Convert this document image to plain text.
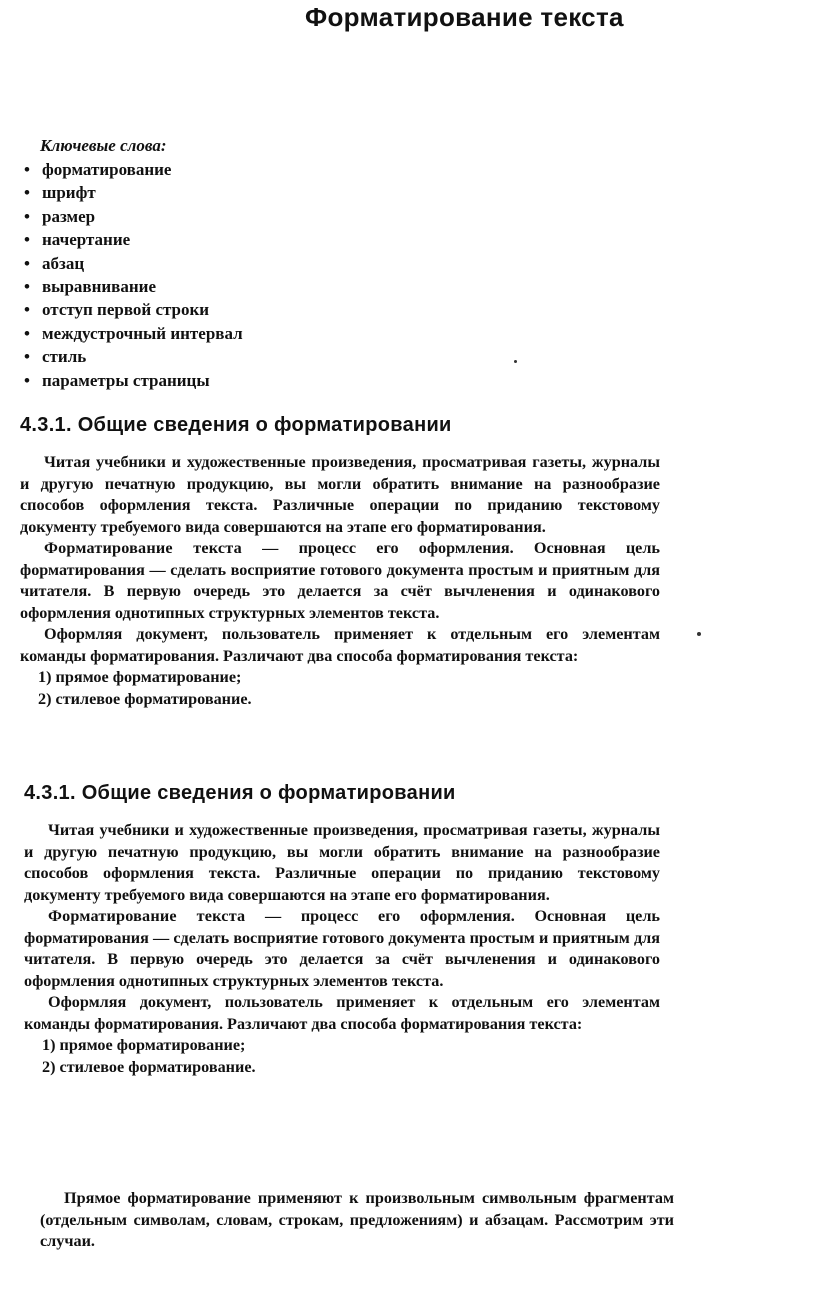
Форматирование текста
Ключевые слова:
• форматирование
• шрифт
• размер
• начертание
• абзац
• выравнивание
• отступ первой строки
• междустрочный интервал
• стиль
• параметры страницы
4.3.1. Общие сведения о форматировании

Читая учебники и художественные произведения, просматривая газеты, журналы и другую печатную продукцию, вы могли обратить внимание на разнообразие способов оформления текста. Различные операции по приданию текстовому документу требуемого вида совершаются на этапе его форматирования.

Форматирование текста — процесс его оформления. Основная цель форматирования — сделать восприятие готового документа простым и приятным для читателя. В первую очередь это делается за счёт вычленения и одинакового оформления однотипных структурных элементов текста.

Оформляя документ, пользователь применяет к отдельным его элементам команды форматирования. Различают два способа форматирования текста:

1) прямое форматирование;
2) стилевое форматирование.
4.3.1. Общие сведения о форматировании

Читая учебники и художественные произведения, просматривая газеты, журналы и другую печатную продукцию, вы могли обратить внимание на разнообразие способов оформления текста. Различные операции по приданию текстовому документу требуемого вида совершаются на этапе его форматирования.

Форматирование текста — процесс его оформления. Основная цель форматирования — сделать восприятие готового документа простым и приятным для читателя. В первую очередь это делается за счёт вычленения и одинакового оформления однотипных структурных элементов текста.

Оформляя документ, пользователь применяет к отдельным его элементам команды форматирования. Различают два способа форматирования текста:

1) прямое форматирование;
2) стилевое форматирование.

Прямое форматирование применяют к произвольным символьным фрагментам (отдельным символам, словам, строкам, предложениям) и абзацам. Рассмотрим эти случаи.
